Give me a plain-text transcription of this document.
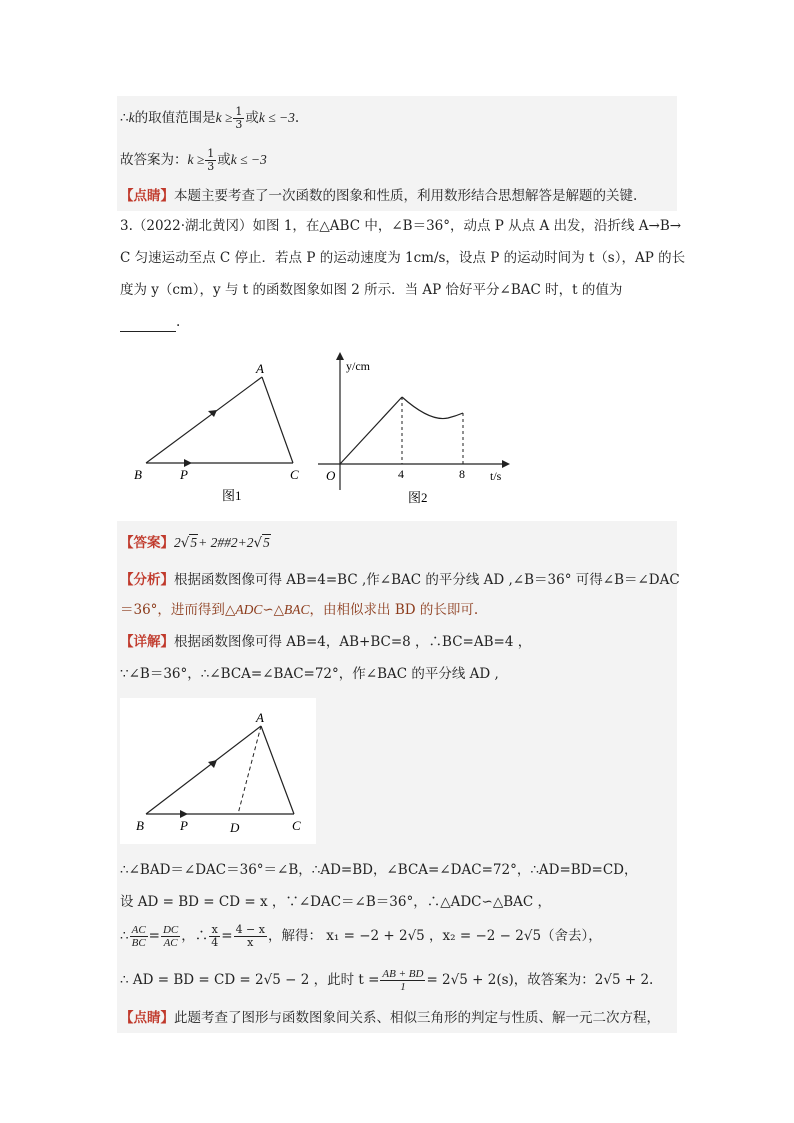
∴k的取值范围是$k \ge \frac{1}{3}$ 或k ≤ −3.
故答案为：$k \ge \frac{1}{3}$ 或k ≤ −3
【点睛】本题主要考查了一次函数的图象和性质，利用数形结合思想解答是解题的关键.
3.（2022·湖北黄冈）如图 1，在△ABC 中，∠B＝36°，动点 P 从点 A 出发，沿折线 A→B→
C 匀速运动至点 C 停止．若点 P 的运动速度为 1cm/s，设点 P 的运动时间为 t（s），AP 的长
度为 y（cm），y 与 t 的函数图象如图 2 所示．当 AP 恰好平分∠BAC 时，t 的值为
.
A
B	P	C
图1
y/cm
t/s
O	4	8
图2
【答案】2√5+ 2##2+2√5
【分析】根据函数图像可得 AB=4=BC ,作∠BAC 的平分线 AD ,∠B＝36° 可得∠B＝∠DAC
＝36°，进而得到△ADC∽△BAC，由相似求出 BD 的长即可.
【详解】根据函数图像可得 AB=4，AB+BC=8 ，∴BC=AB=4 ，
∵∠B＝36°，∴∠BCA=∠BAC=72°，作∠BAC 的平分线 AD ,
A
B	P	D	C
∴∠BAD＝∠DAC＝36°＝∠B，∴AD=BD，∠BCA=∠DAC=72°，∴AD=BD=CD，
设 AD = BD = CD = x ，∵∠DAC＝∠B＝36°，∴△ADC∽△BAC ，
∴ $\frac{AC}{BC} = \frac{DC}{AC}$ ，∴ $\frac{x}{4} = \frac{4 - x}{x}$ ，解得： x₁ = −2 + 2√5 ，x₂ = −2 − 2√5（舍去），
∴ AD = BD = CD = 2√5 − 2 ，此时 $t = \frac{AB + BD}{1} = 2√5 + 2(s)$，故答案为：2√5 + 2.
【点睛】此题考查了图形与函数图象间关系、相似三角形的判定与性质、解一元二次方程，
